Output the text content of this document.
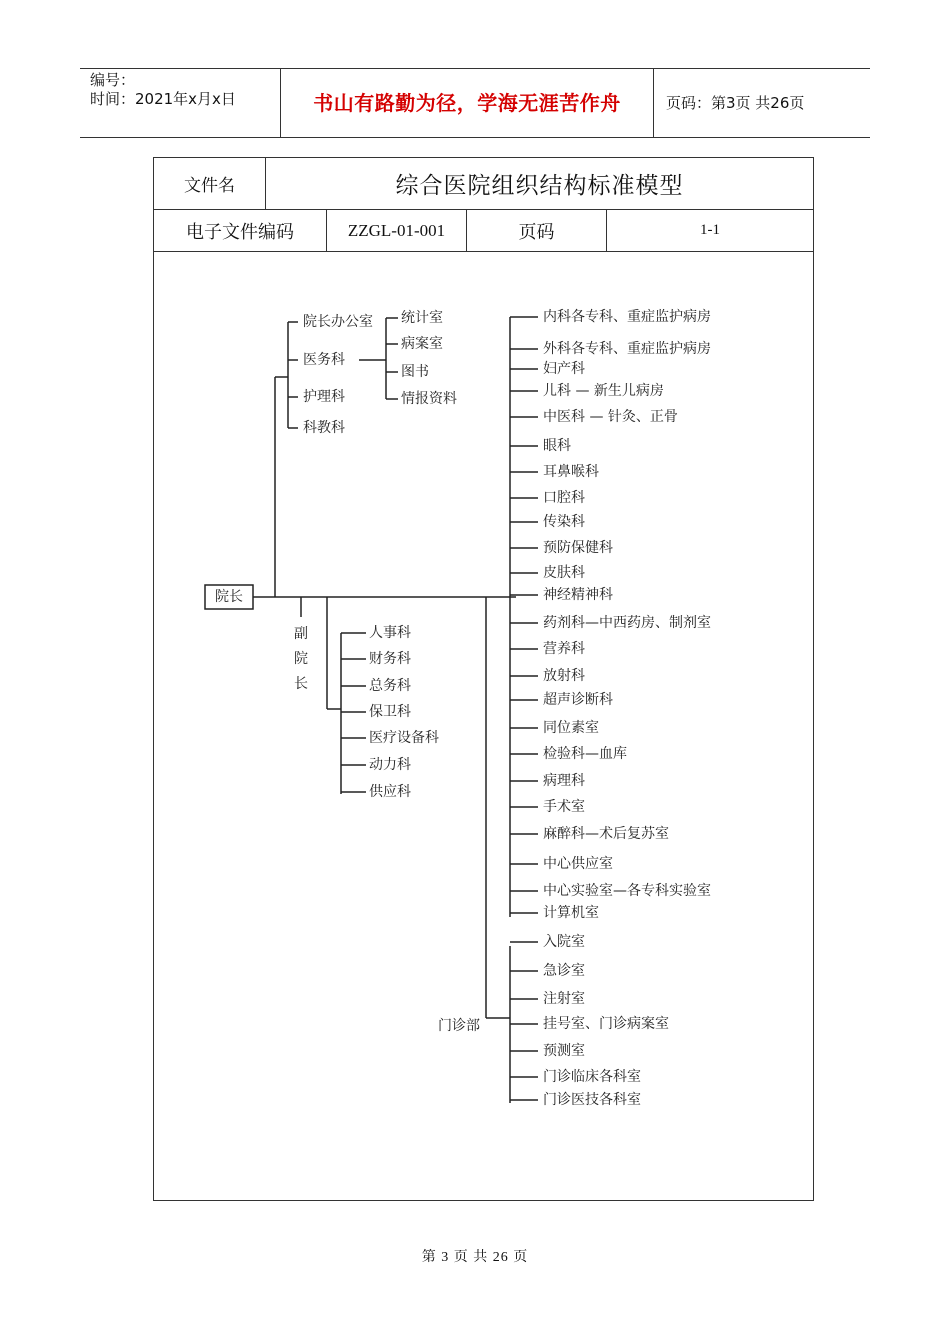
编号：
时间：2021年x月x日	书山有路勤为径，学海无涯苦作舟	页码：第3页 共26页
文件名	综合医院组织结构标准模型
电子文件编码	ZZGL-01-001	页码	1-1
院长
院长办公室
医务科
护理科
科教科
统计室
病案室
图书
情报资料
副
院
长
人事科
财务科
总务科
保卫科
医疗设备科
动力科
供应科
内科各专科、重症监护病房
外科各专科、重症监护病房
妇产科
儿科 — 新生儿病房
中医科 — 针灸、正骨
眼科
耳鼻喉科
口腔科
传染科
预防保健科
皮肤科
神经精神科
药剂科—中西药房、制剂室
营养科
放射科
超声诊断科
同位素室
检验科—血库
病理科
手术室
麻醉科—术后复苏室
中心供应室
中心实验室—各专科实验室
计算机室
门诊部
入院室
急诊室
注射室
挂号室、门诊病案室
预测室
门诊临床各科室
门诊医技各科室
第 3 页 共 26 页
